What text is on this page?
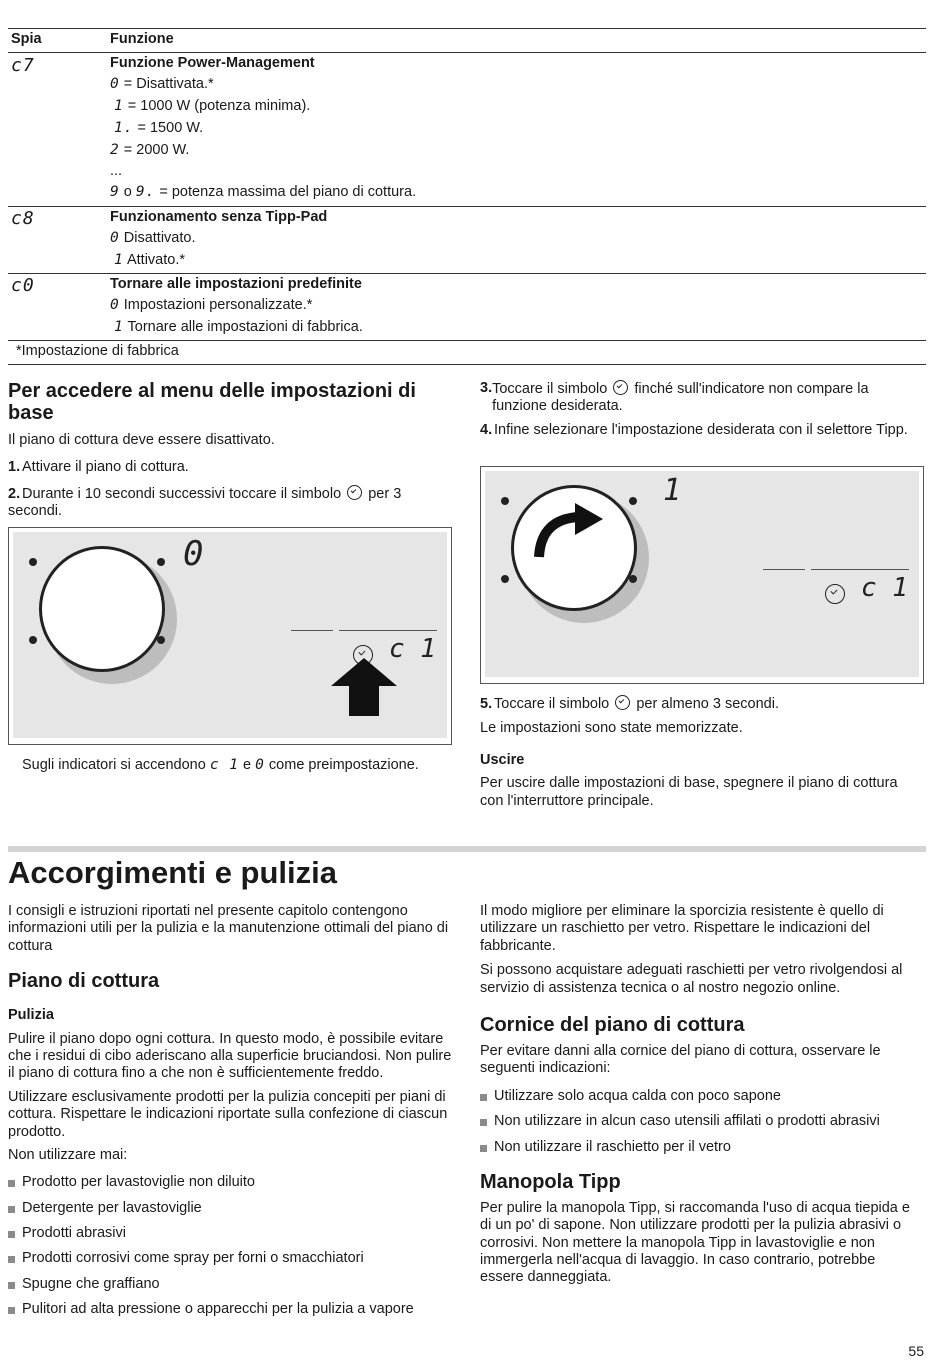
Spia	Funzione
c7	Funzione Power-Management
0 = Disattivata.*
1 = 1000 W (potenza minima).
1. = 1500 W.
2 = 2000 W.
...
9 o 9. = potenza massima del piano di cottura.
c8	Funzionamento senza Tipp-Pad
0 Disattivato.
1 Attivato.*
c0	Tornare alle impostazioni predefinite
0 Impostazioni personalizzate.*
1 Tornare alle impostazioni di fabbrica.
*Impostazione di fabbrica
Per accedere al menu delle impostazioni di base
Il piano di cottura deve essere disattivato.
1. Attivare il piano di cottura.
2. Durante i 10 secondi successivi toccare il simbolo per 3 secondi.
0
c 1
Sugli indicatori si accendono c 1 e 0 come preimpostazione.
3. Toccare il simbolo finché sull'indicatore non compare la funzione desiderata.
4. Infine selezionare l'impostazione desiderata con il selettore Tipp.
1
c 1
5. Toccare il simbolo per almeno 3 secondi.
Le impostazioni sono state memorizzate.
Uscire
Per uscire dalle impostazioni di base, spegnere il piano di cottura con l'interruttore principale.
Accorgimenti e pulizia
I consigli e istruzioni riportati nel presente capitolo contengono informazioni utili per la pulizia e la manutenzione ottimali del piano di cottura
Piano di cottura
Pulizia
Pulire il piano dopo ogni cottura. In questo modo, è possibile evitare che i residui di cibo aderiscano alla superficie bruciandosi. Non pulire il piano di cottura fino a che non è sufficientemente freddo.
Utilizzare esclusivamente prodotti per la pulizia concepiti per piani di cottura. Rispettare le indicazioni riportate sulla confezione di ciascun prodotto.
Non utilizzare mai:
Prodotto per lavastoviglie non diluito
Detergente per lavastoviglie
Prodotti abrasivi
Prodotti corrosivi come spray per forni o smacchiatori
Spugne che graffiano
Pulitori ad alta pressione o apparecchi per la pulizia a vapore
Il modo migliore per eliminare la sporcizia resistente è quello di utilizzare un raschietto per vetro. Rispettare le indicazioni del fabbricante.
Si possono acquistare adeguati raschietti per vetro rivolgendosi al servizio di assistenza tecnica o al nostro negozio online.
Cornice del piano di cottura
Per evitare danni alla cornice del piano di cottura, osservare le seguenti indicazioni:
Utilizzare solo acqua calda con poco sapone
Non utilizzare in alcun caso utensili affilati o prodotti abrasivi
Non utilizzare il raschietto per il vetro
Manopola Tipp
Per pulire la manopola Tipp, si raccomanda l'uso di acqua tiepida e di un po' di sapone. Non utilizzare prodotti per la pulizia abrasivi o corrosivi. Non mettere la manopola Tipp in lavastoviglie e non immergerla nell'acqua di lavaggio. In caso contrario, potrebbe essere danneggiata.
55
